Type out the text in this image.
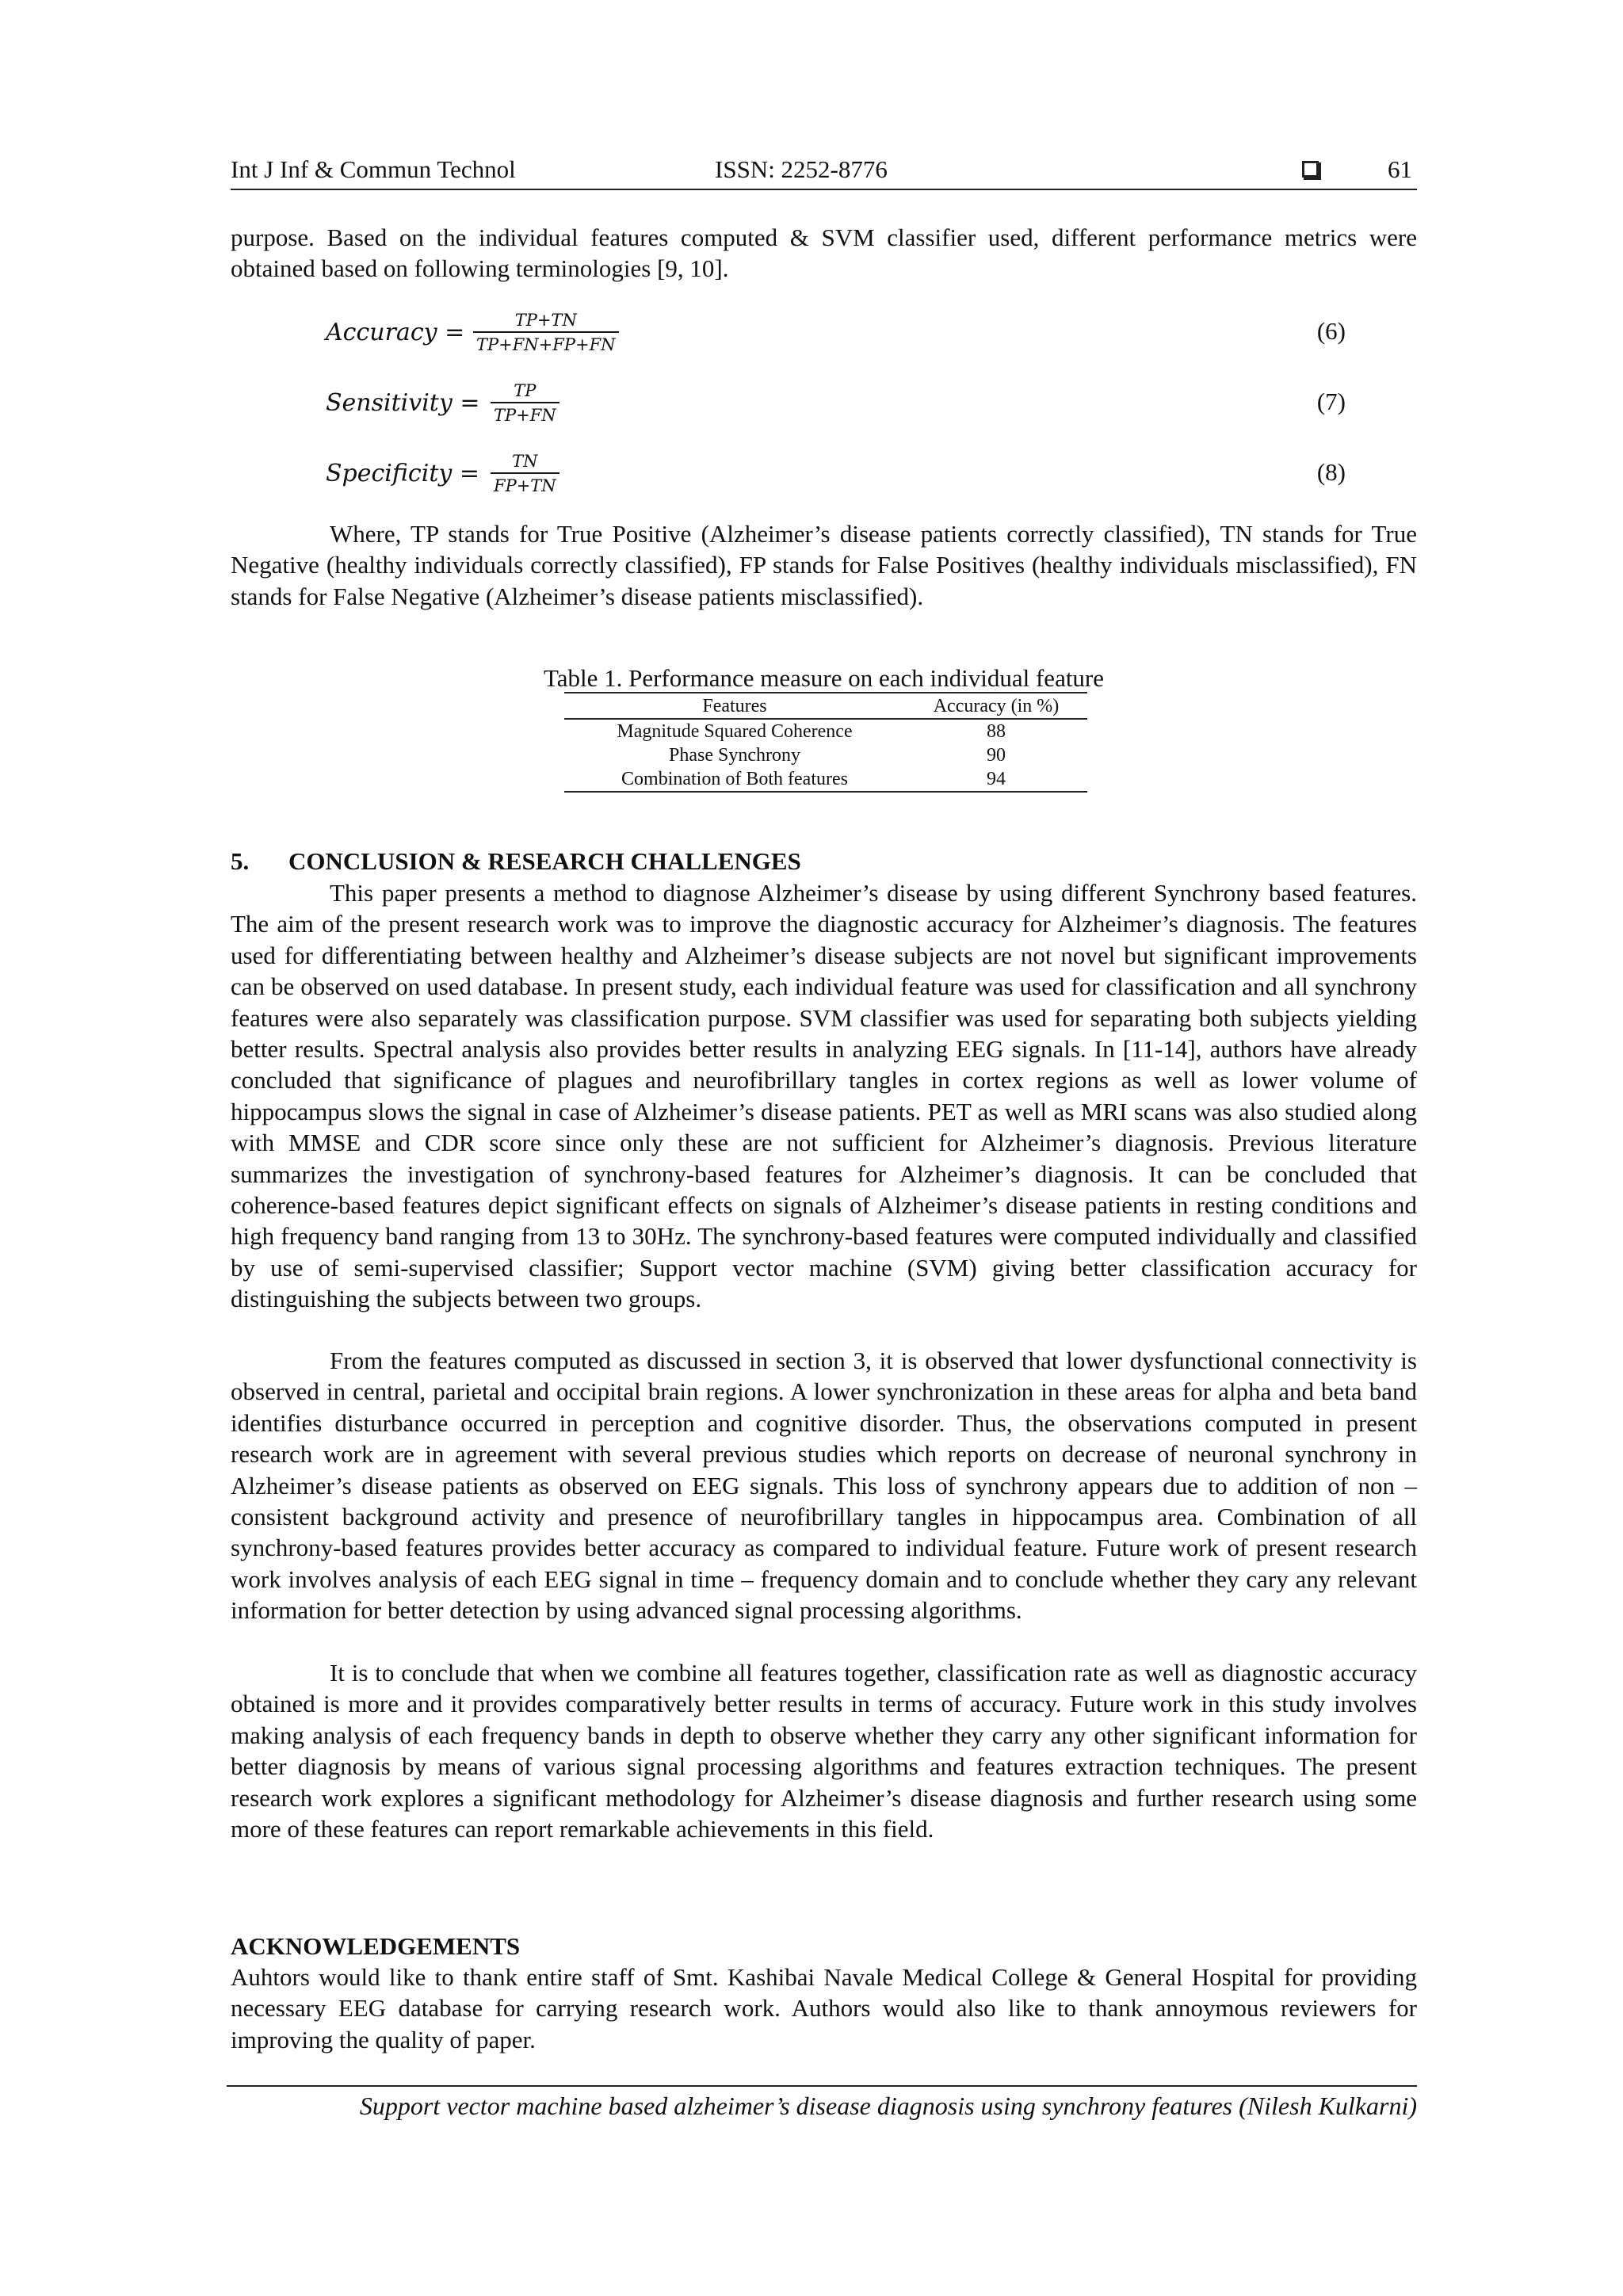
Int J Inf & Commun Technol	ISSN: 2252-8776	61

purpose. Based on the individual features computed & SVM classifier used, different performance metrics were obtained based on following terminologies [9, 10].

Accuracy = $\frac{TP+TN}{TP+FN+FP+FN}$	(6)
Sensitivity = $\frac{TP}{TP+FN}$	(7)
Specificity = $\frac{TN}{FP+TN}$	(8)

Where, TP stands for True Positive (Alzheimer’s disease patients correctly classified), TN stands for True Negative (healthy individuals correctly classified), FP stands for False Positives (healthy individuals misclassified), FN stands for False Negative (Alzheimer’s disease patients misclassified).

Table 1. Performance measure on each individual feature
Features	Accuracy (in %)
Magnitude Squared Coherence	88
Phase Synchrony	90
Combination of Both features	94
5. CONCLUSION & RESEARCH CHALLENGES

This paper presents a method to diagnose Alzheimer’s disease by using different Synchrony based features. The aim of the present research work was to improve the diagnostic accuracy for Alzheimer’s diagnosis. The features used for differentiating between healthy and Alzheimer’s disease subjects are not novel but significant improvements can be observed on used database. In present study, each individual feature was used for classification and all synchrony features were also separately was classification purpose. SVM classifier was used for separating both subjects yielding better results. Spectral analysis also provides better results in analyzing EEG signals. In [11-14], authors have already concluded that significance of plagues and neurofibrillary tangles in cortex regions as well as lower volume of hippocampus slows the signal in case of Alzheimer’s disease patients. PET as well as MRI scans was also studied along with MMSE and CDR score since only these are not sufficient for Alzheimer’s diagnosis. Previous literature summarizes the investigation of synchrony-based features for Alzheimer’s diagnosis. It can be concluded that coherence-based features depict significant effects on signals of Alzheimer’s disease patients in resting conditions and high frequency band ranging from 13 to 30Hz. The synchrony-based features were computed individually and classified by use of semi-supervised classifier; Support vector machine (SVM) giving better classification accuracy for distinguishing the subjects between two groups.

From the features computed as discussed in section 3, it is observed that lower dysfunctional connectivity is observed in central, parietal and occipital brain regions. A lower synchronization in these areas for alpha and beta band identifies disturbance occurred in perception and cognitive disorder. Thus, the observations computed in present research work are in agreement with several previous studies which reports on decrease of neuronal synchrony in Alzheimer’s disease patients as observed on EEG signals. This loss of synchrony appears due to addition of non – consistent background activity and presence of neurofibrillary tangles in hippocampus area. Combination of all synchrony-based features provides better accuracy as compared to individual feature. Future work of present research work involves analysis of each EEG signal in time – frequency domain and to conclude whether they cary any relevant information for better detection by using advanced signal processing algorithms.

It is to conclude that when we combine all features together, classification rate as well as diagnostic accuracy obtained is more and it provides comparatively better results in terms of accuracy. Future work in this study involves making analysis of each frequency bands in depth to observe whether they carry any other significant information for better diagnosis by means of various signal processing algorithms and features extraction techniques. The present research work explores a significant methodology for Alzheimer’s disease diagnosis and further research using some more of these features can report remarkable achievements in this field.

ACKNOWLEDGEMENTS

Auhtors would like to thank entire staff of Smt. Kashibai Navale Medical College & General Hospital for providing necessary EEG database for carrying research work. Authors would also like to thank annoymous reviewers for improving the quality of paper.

Support vector machine based alzheimer’s disease diagnosis using synchrony features (Nilesh Kulkarni)
